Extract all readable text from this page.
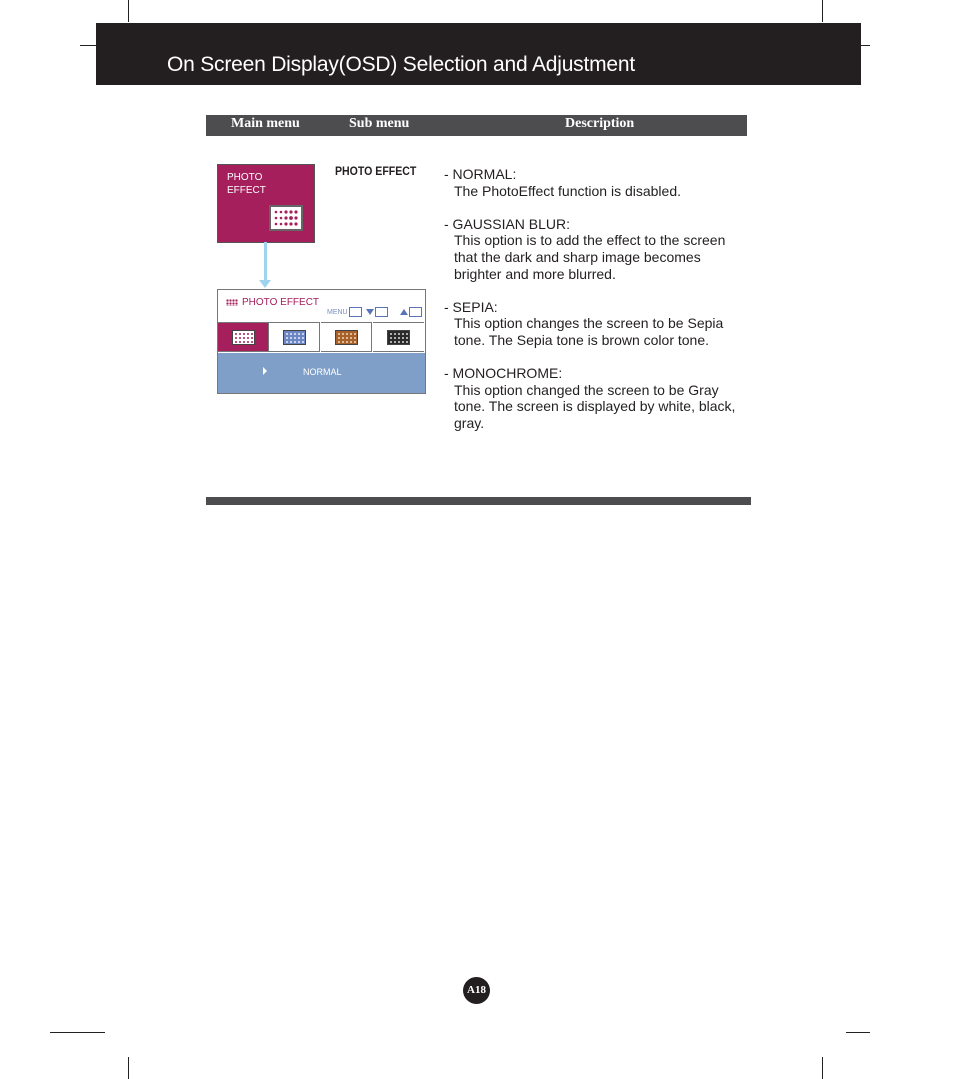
On Screen Display(OSD) Selection and Adjustment
Main menu	Sub menu	Description
PHOTO
EFFECT
PHOTO EFFECT
MENU
NORMAL
PHOTO EFFECT - NORMAL:
The PhotoEffect function is disabled.
- GAUSSIAN BLUR:
This option is to add the effect to the screen that the dark and sharp image becomes brighter and more blurred.
- SEPIA:
This option changes the screen to be Sepia tone. The Sepia tone is brown color tone.
- MONOCHROME:
This option changed the screen to be Gray tone. The screen is displayed by white, black, gray.
A18
